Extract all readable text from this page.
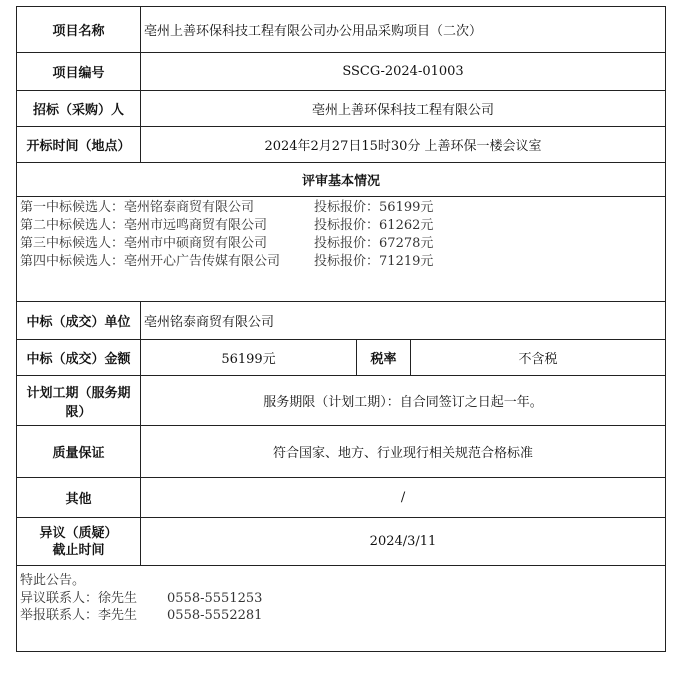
项目名称	亳州上善环保科技工程有限公司办公用品采购项目（二次）		
项目编号	SSCG-2024-01003		
招标（采购）人	亳州上善环保科技工程有限公司		
开标时间（地点）	2024年2月27日15时30分 上善环保一楼会议室		
评审基本情况			

第一中标候选人：亳州铭泰商贸有限公司 投标报价：56199元
第二中标候选人：亳州市远鸣商贸有限公司 投标报价：61262元
第三中标候选人：亳州市中硕商贸有限公司 投标报价：67278元
第四中标候选人：亳州开心广告传媒有限公司 投标报价：71219元			

中标（成交）单位	亳州铭泰商贸有限公司		
中标（成交）金额	56199元	税率	不含税
计划工期（服务期限）	服务期限（计划工期）：自合同签订之日起一年。		
质量保证	符合国家、地方、行业现行相关规范合格标准		
其他	/		

异议（质疑）
截止时间	2024/3/11		

特此公告。
异议联系人：徐先生 0558-5551253
举报联系人：李先生 0558-5552281			
